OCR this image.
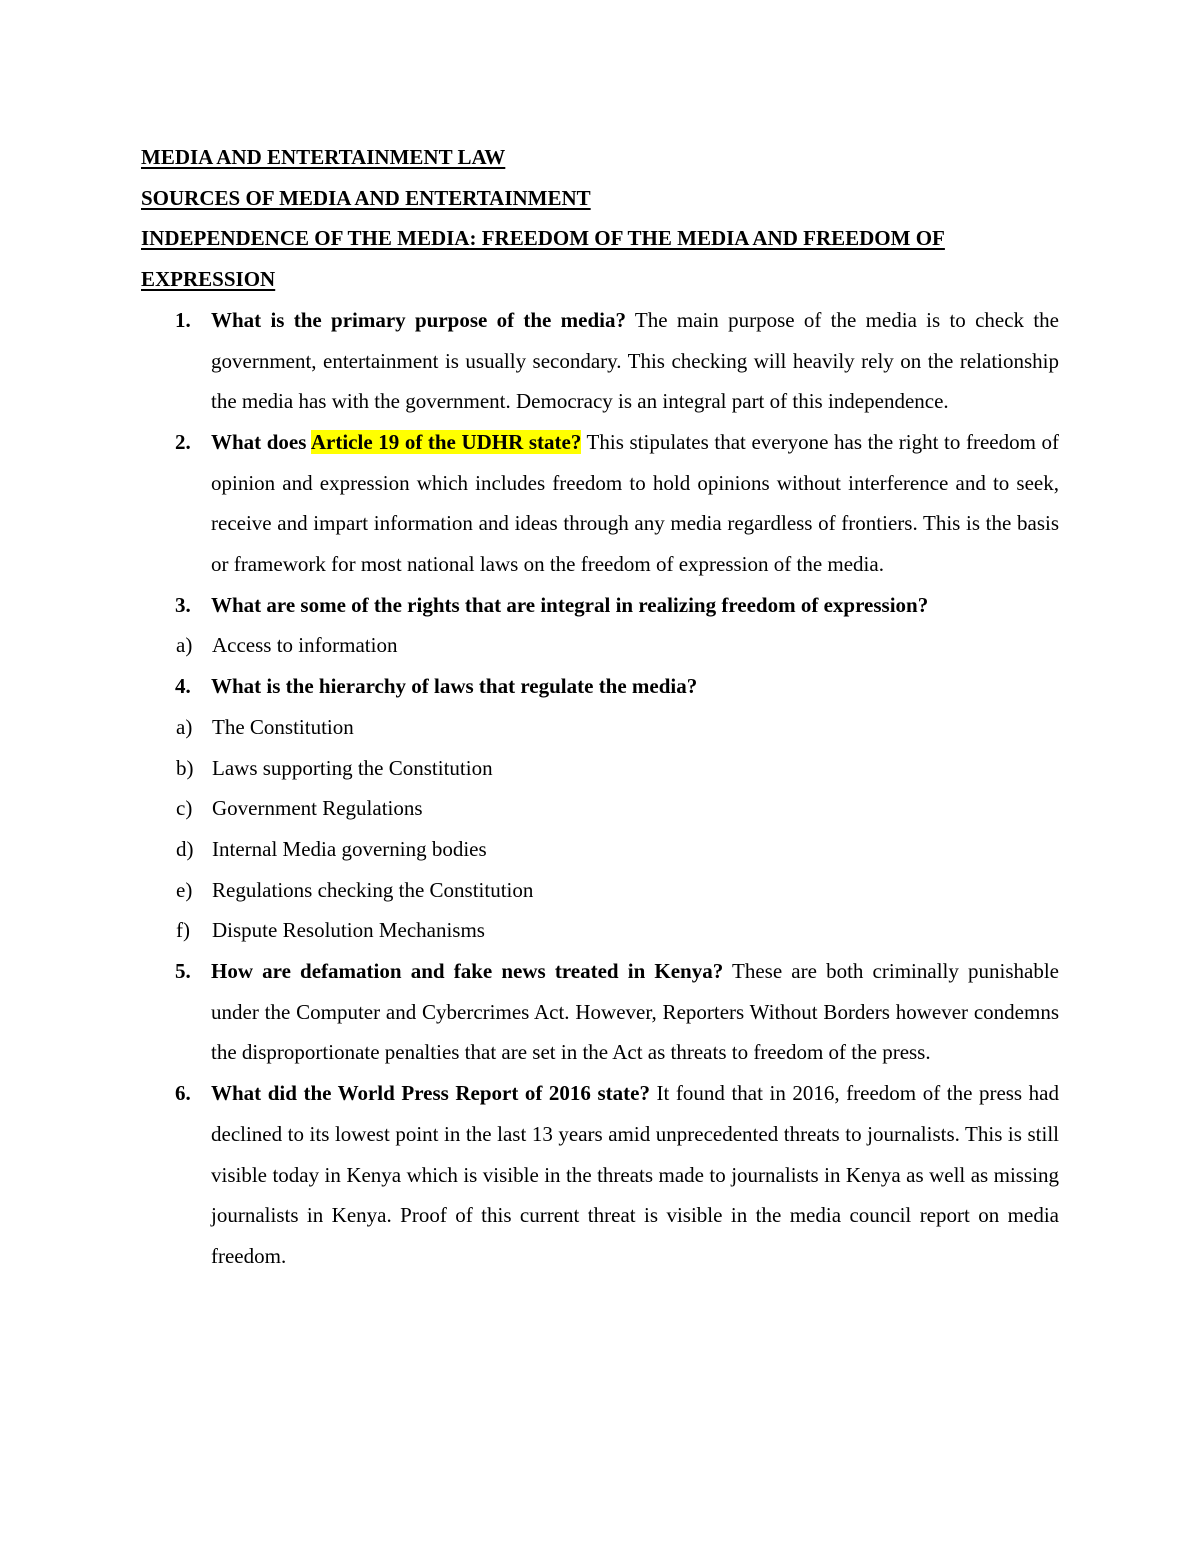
MEDIA AND ENTERTAINMENT LAW

SOURCES OF MEDIA AND ENTERTAINMENT

INDEPENDENCE OF THE MEDIA: FREEDOM OF THE MEDIA AND FREEDOM OF EXPRESSION

1. What is the primary purpose of the media? The main purpose of the media is to check the government, entertainment is usually secondary. This checking will heavily rely on the relationship the media has with the government. Democracy is an integral part of this independence.
2. What does Article 19 of the UDHR state? This stipulates that everyone has the right to freedom of opinion and expression which includes freedom to hold opinions without interference and to seek, receive and impart information and ideas through any media regardless of frontiers. This is the basis or framework for most national laws on the freedom of expression of the media.
3. What are some of the rights that are integral in realizing freedom of expression?
a) Access to information
4. What is the hierarchy of laws that regulate the media?
a) The Constitution
b) Laws supporting the Constitution
c) Government Regulations
d) Internal Media governing bodies
e) Regulations checking the Constitution
f) Dispute Resolution Mechanisms
5. How are defamation and fake news treated in Kenya? These are both criminally punishable under the Computer and Cybercrimes Act. However, Reporters Without Borders however condemns the disproportionate penalties that are set in the Act as threats to freedom of the press.
6. What did the World Press Report of 2016 state? It found that in 2016, freedom of the press had declined to its lowest point in the last 13 years amid unprecedented threats to journalists. This is still visible today in Kenya which is visible in the threats made to journalists in Kenya as well as missing journalists in Kenya. Proof of this current threat is visible in the media council report on media freedom.
